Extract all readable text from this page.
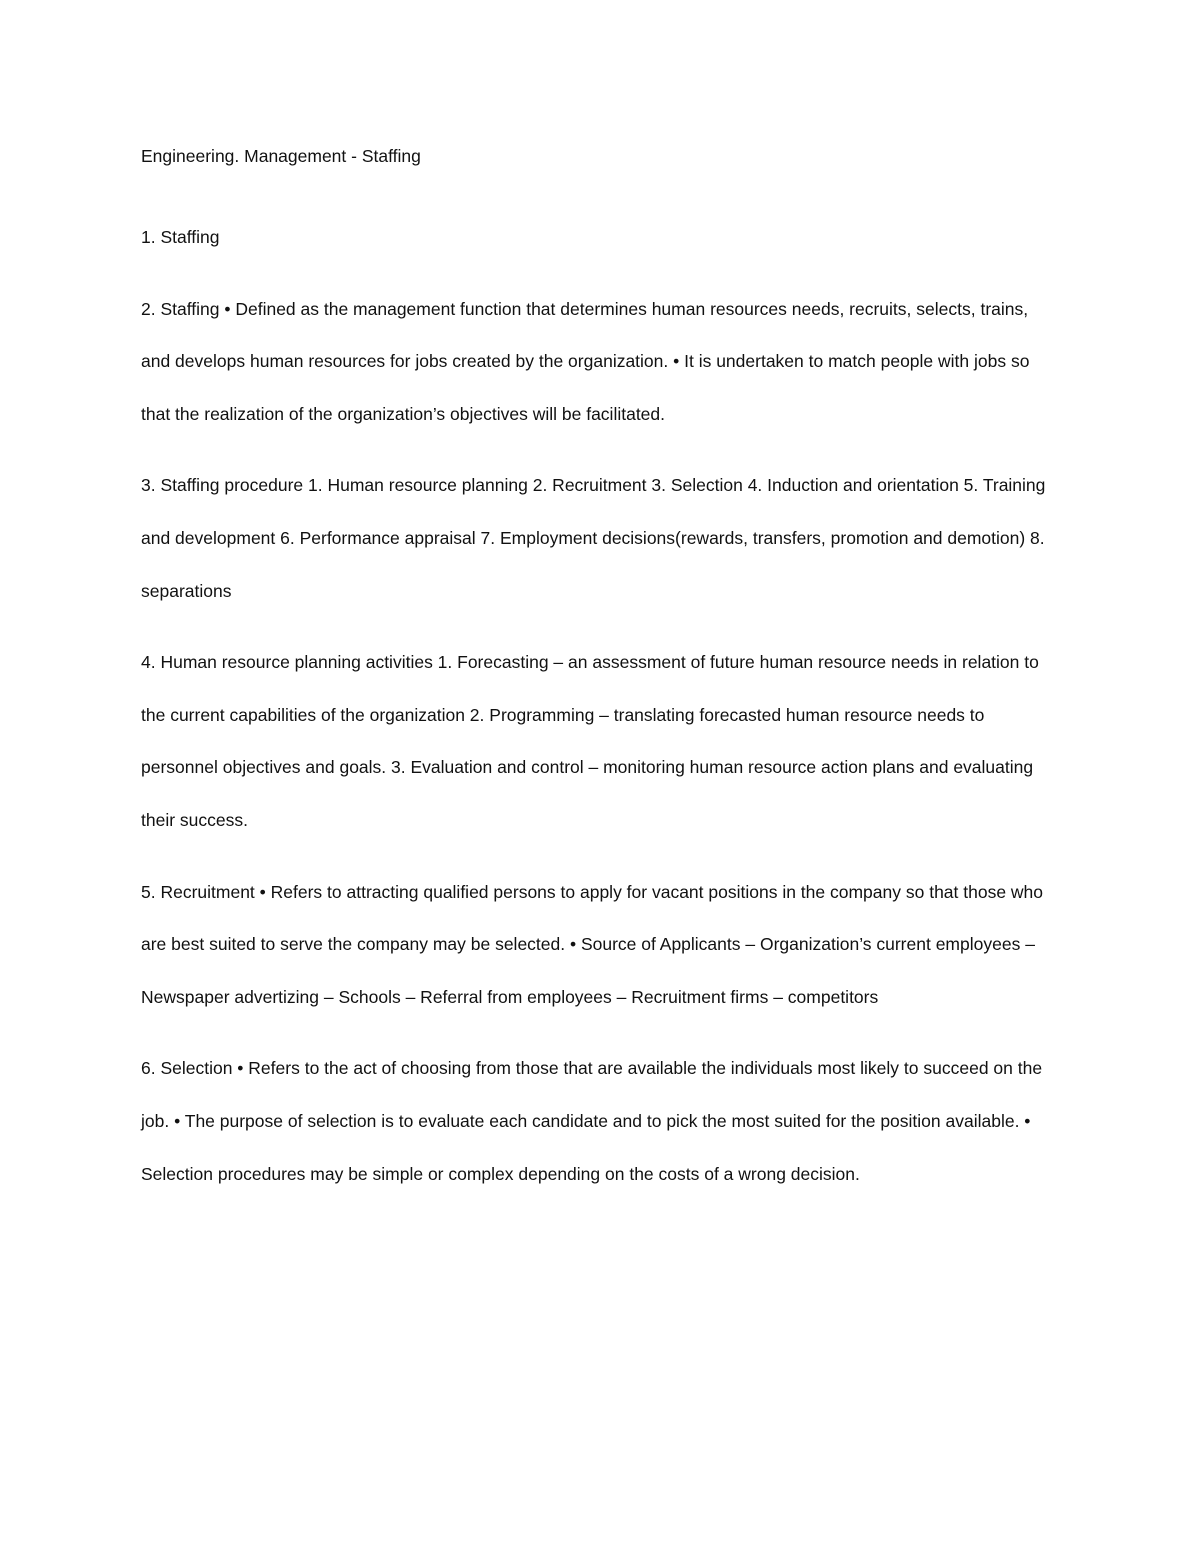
Engineering. Management - Staffing

1. Staffing

2. Staffing • Defined as the management function that determines human resources needs, recruits, selects, trains, and develops human resources for jobs created by the organization. • It is undertaken to match people with jobs so that the realization of the organization’s objectives will be facilitated.

3. Staffing procedure 1. Human resource planning 2. Recruitment 3. Selection 4. Induction and orientation 5. Training and development 6. Performance appraisal 7. Employment decisions(rewards, transfers, promotion and demotion) 8. separations

4. Human resource planning activities 1. Forecasting – an assessment of future human resource needs in relation to the current capabilities of the organization 2. Programming – translating forecasted human resource needs to personnel objectives and goals. 3. Evaluation and control – monitoring human resource action plans and evaluating their success.

5. Recruitment • Refers to attracting qualified persons to apply for vacant positions in the company so that those who are best suited to serve the company may be selected. • Source of Applicants – Organization’s current employees – Newspaper advertizing – Schools – Referral from employees – Recruitment firms – competitors

6. Selection • Refers to the act of choosing from those that are available the individuals most likely to succeed on the job. • The purpose of selection is to evaluate each candidate and to pick the most suited for the position available. • Selection procedures may be simple or complex depending on the costs of a wrong decision.
